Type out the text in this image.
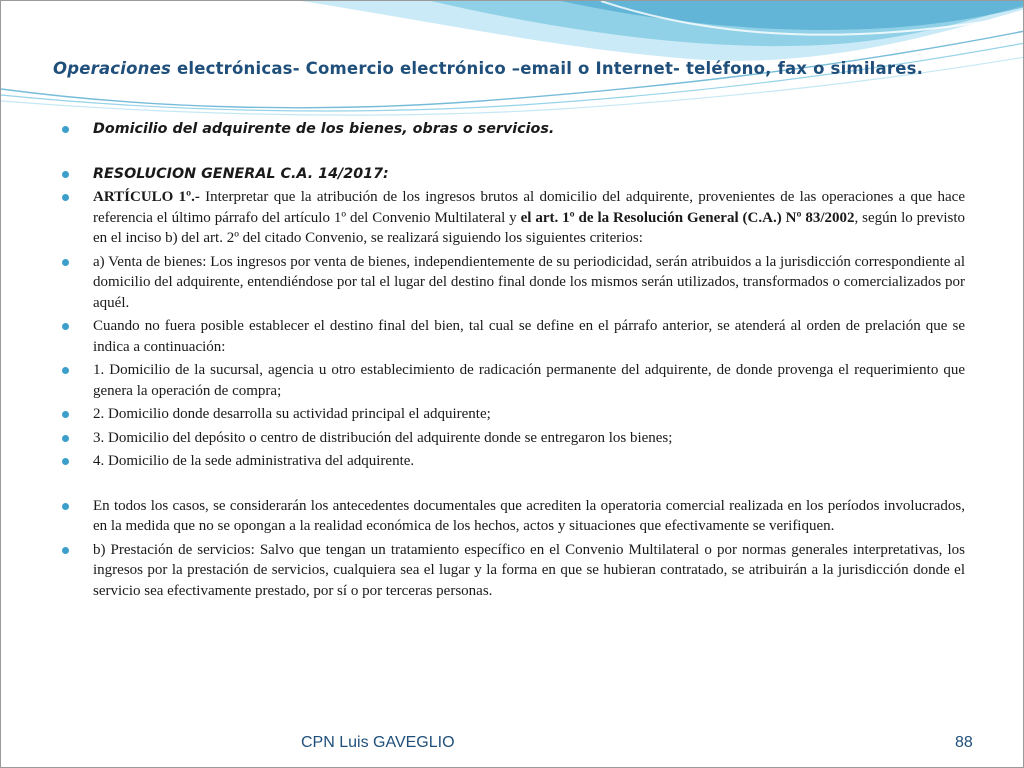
Operaciones electrónicas- Comercio electrónico –email o Internet- teléfono, fax o similares.

Domicilio del adquirente de los bienes, obras o servicios.

RESOLUCION GENERAL C.A. 14/2017:

ARTÍCULO 1º.- Interpretar que la atribución de los ingresos brutos al domicilio del adquirente, provenientes de las operaciones a que hace referencia el último párrafo del artículo 1º del Convenio Multilateral y el art. 1º de la Resolución General (C.A.) Nº 83/2002, según lo previsto en el inciso b) del art. 2º del citado Convenio, se realizará siguiendo los siguientes criterios:

a) Venta de bienes: Los ingresos por venta de bienes, independientemente de su periodicidad, serán atribuidos a la jurisdicción correspondiente al domicilio del adquirente, entendiéndose por tal el lugar del destino final donde los mismos serán utilizados, transformados o comercializados por aquél.

Cuando no fuera posible establecer el destino final del bien, tal cual se define en el párrafo anterior, se atenderá al orden de prelación que se indica a continuación:

1. Domicilio de la sucursal, agencia u otro establecimiento de radicación permanente del adquirente, de donde provenga el requerimiento que genera la operación de compra;

2. Domicilio donde desarrolla su actividad principal el adquirente;

3. Domicilio del depósito o centro de distribución del adquirente donde se entregaron los bienes;

4. Domicilio de la sede administrativa del adquirente.

En todos los casos, se considerarán los antecedentes documentales que acrediten la operatoria comercial realizada en los períodos involucrados, en la medida que no se opongan a la realidad económica de los hechos, actos y situaciones que efectivamente se verifiquen.

b) Prestación de servicios: Salvo que tengan un tratamiento específico en el Convenio Multilateral o por normas generales interpretativas, los ingresos por la prestación de servicios, cualquiera sea el lugar y la forma en que se hubieran contratado, se atribuirán a la jurisdicción donde el servicio sea efectivamente prestado, por sí o por terceras personas.

CPN Luis GAVEGLIO	88
